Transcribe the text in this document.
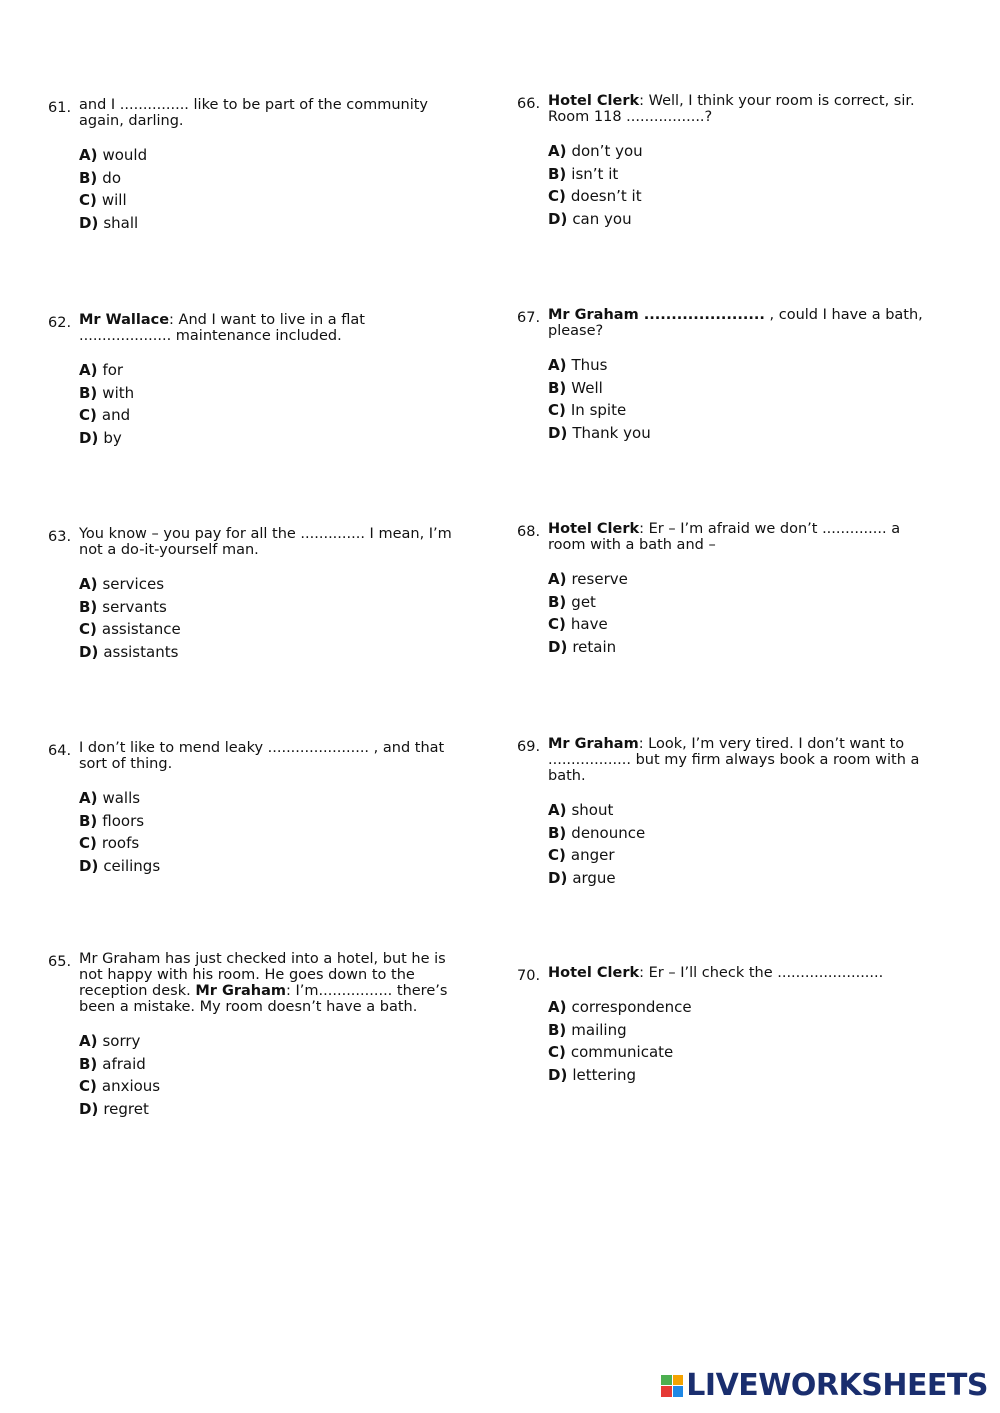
61. and I ............... like to be part of the community again, darling.
A) would
B) do
C) will
D) shall
62. Mr Wallace: And I want to live in a ﬂat .................... maintenance included.
A) for
B) with
C) and
D) by
63. You know – you pay for all the .............. I mean, I’m not a do-it-yourself man.
A) services
B) servants
C) assistance
D) assistants
64. I don’t like to mend leaky ...................... , and that sort of thing.
A) walls
B) ﬂoors
C) roofs
D) ceilings
65. Mr Graham has just checked into a hotel, but he is not happy with his room. He goes down to the reception desk. Mr Graham: I’m................ there’s been a mistake. My room doesn’t have a bath.
A) sorry
B) afraid
C) anxious
D) regret
66. Hotel Clerk: Well, I think your room is correct, sir. Room 118 .................?
A) don’t you
B) isn’t it
C) doesn’t it
D) can you
67. Mr Graham ...................... , could I have a bath, please?
A) Thus
B) Well
C) In spite
D) Thank you
68. Hotel Clerk: Er – I’m afraid we don’t .............. a room with a bath and –
A) reserve
B) get
C) have
D) retain
69. Mr Graham: Look, I’m very tired. I don’t want to .................. but my ﬁrm always book a room with a bath.
A) shout
B) denounce
C) anger
D) argue
70. Hotel Clerk: Er – I’ll check the .......................
A) correspondence
B) mailing
C) communicate
D) lettering
LIVEWORKSHEETS
